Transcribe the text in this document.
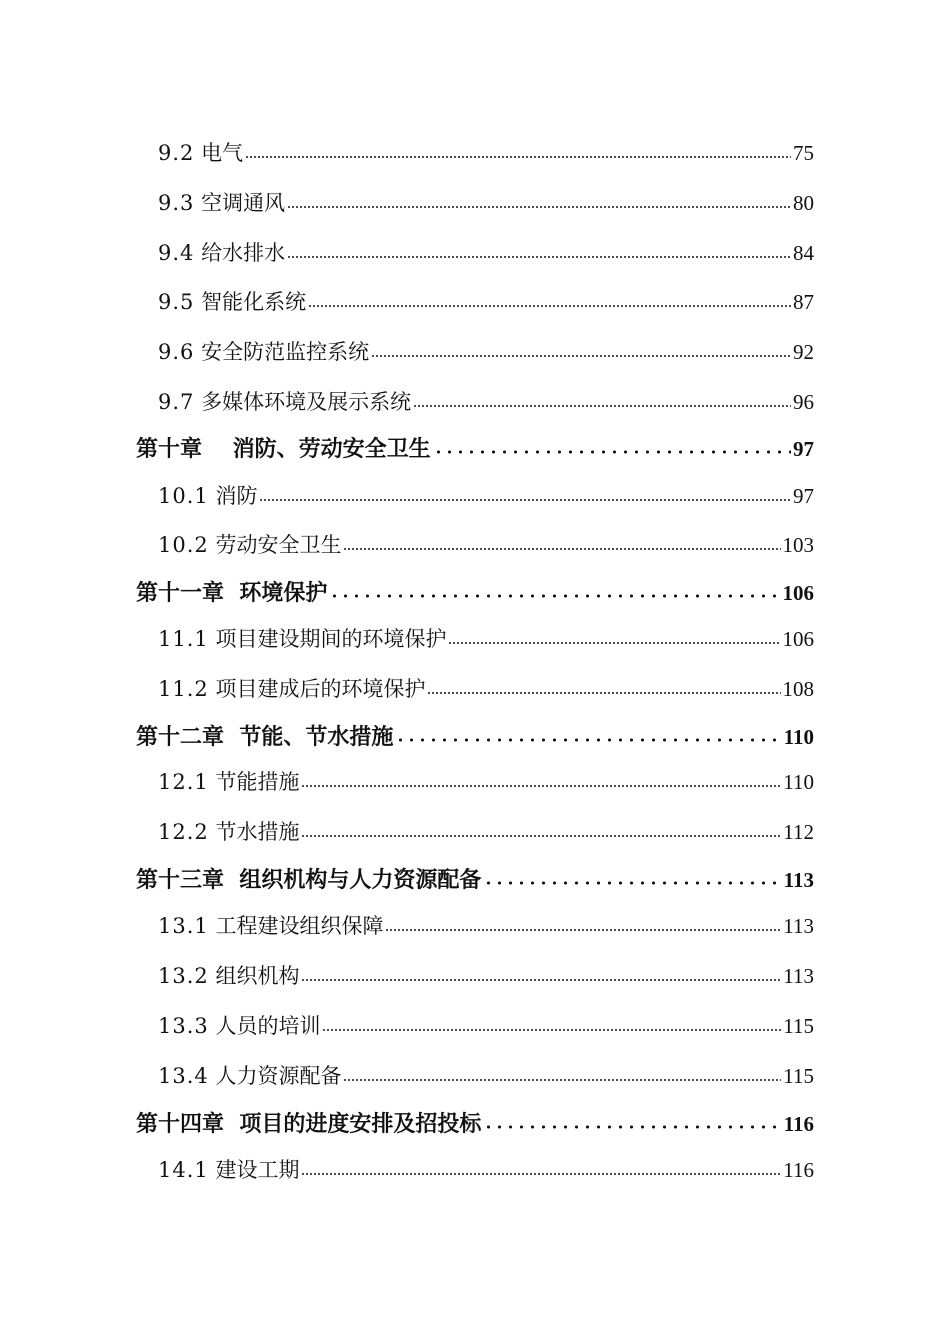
9.2 电气	75
9.3 空调通风	80
9.4 给水排水	84
9.5 智能化系统	87
9.6 安全防范监控系统	92
9.7 多媒体环境及展示系统	96
第十章 消防、劳动安全卫生	97
10.1 消防	97
10.2 劳动安全卫生	103
第十一章 环境保护	106
11.1 项目建设期间的环境保护	106
11.2 项目建成后的环境保护	108
第十二章 节能、节水措施	110
12.1 节能措施	110
12.2 节水措施	112
第十三章 组织机构与人力资源配备	113
13.1 工程建设组织保障	113
13.2 组织机构	113
13.3 人员的培训	115
13.4 人力资源配备	115
第十四章 项目的进度安排及招投标	116
14.1 建设工期	116
